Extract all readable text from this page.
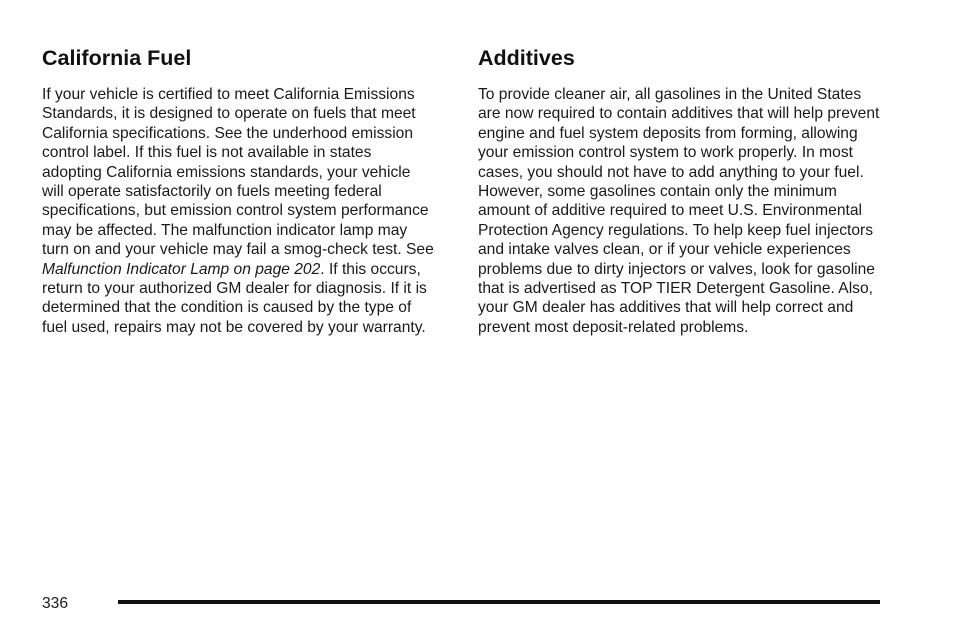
California Fuel

If your vehicle is certified to meet California Emissions Standards, it is designed to operate on fuels that meet California specifications. See the underhood emission control label. If this fuel is not available in states adopting California emissions standards, your vehicle will operate satisfactorily on fuels meeting federal specifications, but emission control system performance may be affected. The malfunction indicator lamp may turn on and your vehicle may fail a smog-check test. See Malfunction Indicator Lamp on page 202. If this occurs, return to your authorized GM dealer for diagnosis. If it is determined that the condition is caused by the type of fuel used, repairs may not be covered by your warranty.

Additives

To provide cleaner air, all gasolines in the United States are now required to contain additives that will help prevent engine and fuel system deposits from forming, allowing your emission control system to work properly. In most cases, you should not have to add anything to your fuel. However, some gasolines contain only the minimum amount of additive required to meet U.S. Environmental Protection Agency regulations. To help keep fuel injectors and intake valves clean, or if your vehicle experiences problems due to dirty injectors or valves, look for gasoline that is advertised as TOP TIER Detergent Gasoline. Also, your GM dealer has additives that will help correct and prevent most deposit-related problems.

336
